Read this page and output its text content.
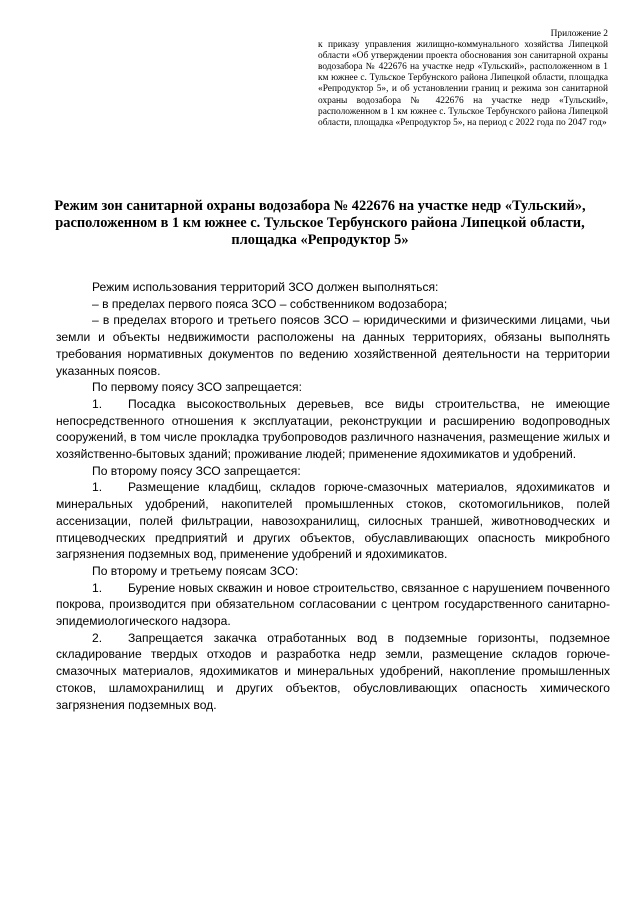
Приложение 2

к приказу управления жилищно-коммунального хозяйства Липецкой области «Об утверждении проекта обоснования зон санитарной охраны водозабора № 422676 на участке недр «Тульский», расположенном в 1 км южнее с. Тульское Тербунского района Липецкой области, площадка «Репродуктор 5», и об установлении границ и режима зон санитарной охраны водозабора № 422676 на участке недр «Тульский», расположенном в 1 км южнее с. Тульское Тербунского района Липецкой области, площадка «Репродуктор 5», на период с 2022 года по 2047 год»

Режим зон санитарной охраны водозабора № 422676 на участке недр «Тульский», расположенном в 1 км южнее с. Тульское Тербунского района Липецкой области, площадка «Репродуктор 5»

Режим использования территорий ЗСО должен выполняться:

– в пределах первого пояса ЗСО – собственником водозабора;

– в пределах второго и третьего поясов ЗСО – юридическими и физическими лицами, чьи земли и объекты недвижимости расположены на данных территориях, обязаны выполнять требования нормативных документов по ведению хозяйственной деятельности на территории указанных поясов.

По первому поясу ЗСО запрещается:

1. Посадка высокоствольных деревьев, все виды строительства, не имеющие непосредственного отношения к эксплуатации, реконструкции и расширению водопроводных сооружений, в том числе прокладка трубопроводов различного назначения, размещение жилых и хозяйственно-бытовых зданий; проживание людей; применение ядохимикатов и удобрений.

По второму поясу ЗСО запрещается:

1. Размещение кладбищ, складов горюче-смазочных материалов, ядохимикатов и минеральных удобрений, накопителей промышленных стоков, скотомогильников, полей ассенизации, полей фильтрации, навозохранилищ, силосных траншей, животноводческих и птицеводческих предприятий и других объектов, обуславливающих опасность микробного загрязнения подземных вод, применение удобрений и ядохимикатов.

По второму и третьему поясам ЗСО:

1. Бурение новых скважин и новое строительство, связанное с нарушением почвенного покрова, производится при обязательном согласовании с центром государственного санитарно-эпидемиологического надзора.

2. Запрещается закачка отработанных вод в подземные горизонты, подземное складирование твердых отходов и разработка недр земли, размещение складов горюче-смазочных материалов, ядохимикатов и минеральных удобрений, накопление промышленных стоков, шламохранилищ и других объектов, обусловливающих опасность химического загрязнения подземных вод.
